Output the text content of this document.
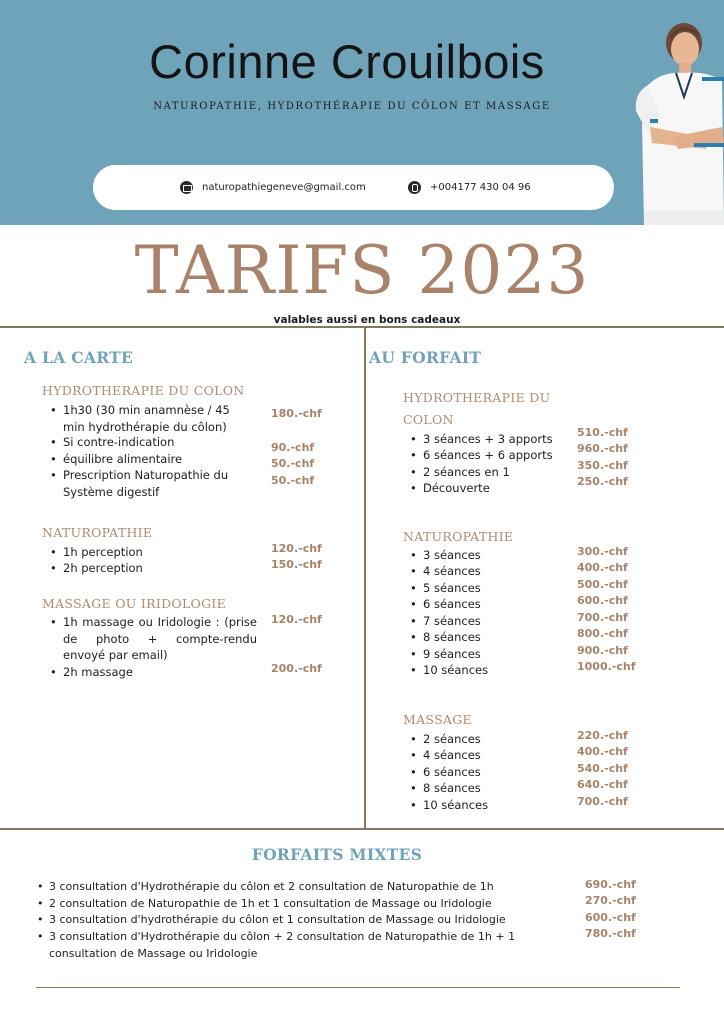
Corinne Crouilbois
NATUROPATHIE, HYDROTHÉRAPIE DU CÔLON ET MASSAGE
naturopathiegeneve@gmail.com	+004177 430 04 96
TARIFS 2023
valables aussi en bons cadeaux
A LA CARTE
HYDROTHERAPIE DU COLON
• 1h30 (30 min anamnèse / 45 min hydrothérapie du côlon)
• Si contre-indication
• équilibre alimentaire
• Prescription Naturopathie du Système digestif
180.-chf
90.-chf
50.-chf
50.-chf
NATUROPATHIE
• 1h perception
• 2h perception
120.-chf
150.-chf
MASSAGE OU IRIDOLOGIE
• 1h massage ou Iridologie : (prise de photo + compte-rendu envoyé par email)
• 2h massage
120.-chf
200.-chf
AU FORFAIT
HYDROTHERAPIE DU
COLON
• 3 séances + 3 apports
• 6 séances + 6 apports
• 2 séances en 1
• Découverte
510.-chf
960.-chf
350.-chf
250.-chf
NATUROPATHIE
• 3 séances
• 4 séances
• 5 séances
• 6 séances
• 7 séances
• 8 séances
• 9 séances
• 10 séances
300.-chf
400.-chf
500.-chf
600.-chf
700.-chf
800.-chf
900.-chf
1000.-chf
MASSAGE
• 2 séances
• 4 séances
• 6 séances
• 8 séances
• 10 séances
220.-chf
400.-chf
540.-chf
640.-chf
700.-chf
FORFAITS MIXTES
• 3 consultation d'Hydrothérapie du côlon et 2 consultation de Naturopathie de 1h
• 2 consultation de Naturopathie de 1h et 1 consultation de Massage ou Iridologie
• 3 consultation d'hydrothérapie du côlon et 1 consultation de Massage ou Iridologie
• 3 consultation d'Hydrothérapie du côlon + 2 consultation de Naturopathie de 1h + 1 consultation de Massage ou Iridologie
690.-chf
270.-chf
600.-chf
780.-chf
